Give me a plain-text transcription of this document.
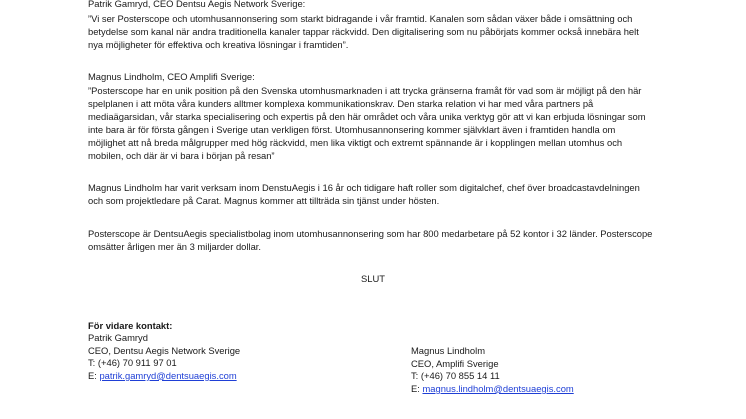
Patrik Gamryd, CEO Dentsu Aegis Network Sverige:
”Vi ser Posterscope och utomhusannonsering som starkt bidragande i vår framtid. Kanalen som sådan växer både i omsättning och
betydelse som kanal när andra traditionella kanaler tappar räckvidd. Den digitalisering som nu påbörjats kommer också innebära helt
nya möjligheter för effektiva och kreativa lösningar i framtiden”.
Magnus Lindholm, CEO Amplifi Sverige:
”Posterscope har en unik position på den Svenska utomhusmarknaden i att trycka gränserna framåt för vad som är möjligt på den här
spelplanen i att möta våra kunders alltmer komplexa kommunikationskrav. Den starka relation vi har med våra partners på
mediaägarsidan, vår starka specialisering och expertis på den här området och våra unika verktyg gör att vi kan erbjuda lösningar som
inte bara är för första gången i Sverige utan verkligen först. Utomhusannonsering kommer självklart även i framtiden handla om
möjlighet att nå breda målgrupper med hög räckvidd, men lika viktigt och extremt spännande är i kopplingen mellan utomhus och
mobilen, och där är vi bara i början på resan”
Magnus Lindholm har varit verksam inom DenstuAegis i 16 år och tidigare haft roller som digitalchef, chef över broadcastavdelningen
och som projektledare på Carat. Magnus kommer att tillträda sin tjänst under hösten.
Posterscope är DentsuAegis specialistbolag inom utomhusannonsering som har 800 medarbetare på 52 kontor i 32 länder. Posterscope
omsätter årligen mer än 3 miljarder dollar.
SLUT
För vidare kontakt:
Patrik Gamryd
CEO, Dentsu Aegis Network Sverige
T: (+46) 70 911 97 01
E: patrik.gamryd@dentsuaegis.com
Magnus Lindholm
CEO, Amplifi Sverige
T: (+46) 70 855 14 11
E: magnus.lindholm@dentsuaegis.com
